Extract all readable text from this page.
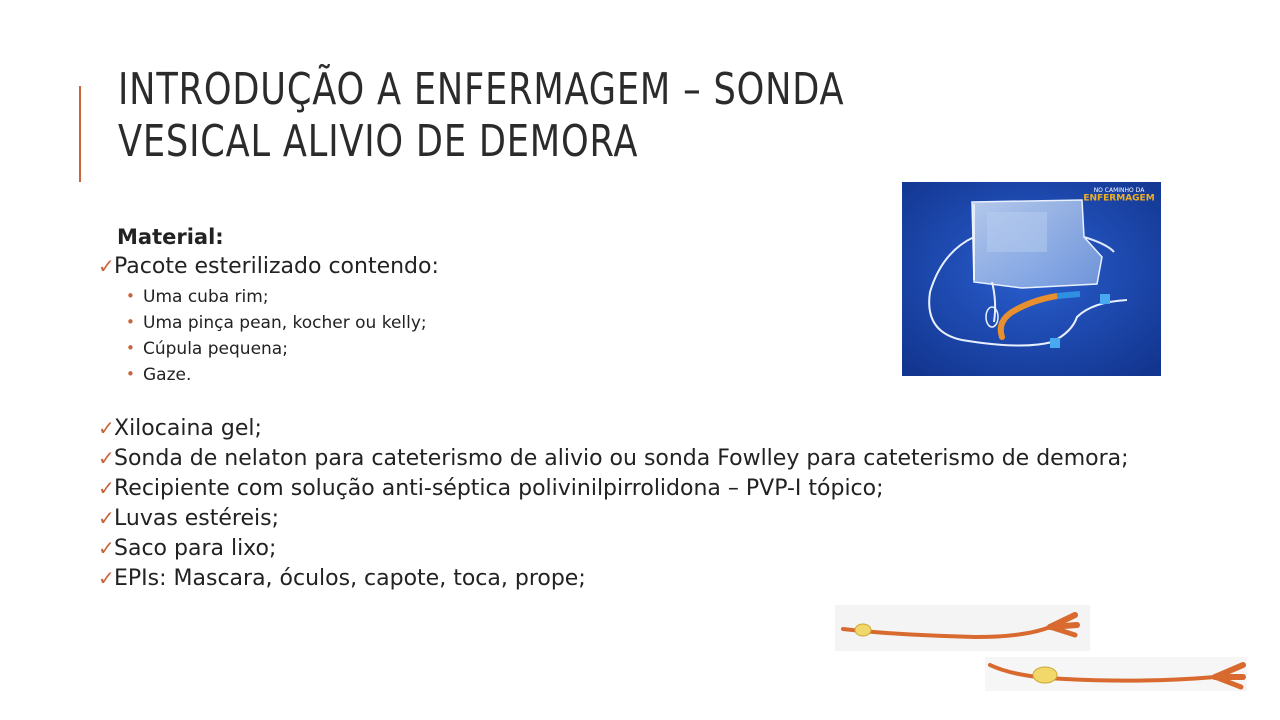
INTRODUÇÃO A ENFERMAGEM – SONDA VESICAL ALIVIO DE DEMORA

Material:

✓ Pacote esterilizado contendo:
• Uma cuba rim;
• Uma pinça pean, kocher ou kelly;
• Cúpula pequena;
• Gaze.

✓ Xilocaina gel;

✓ Sonda de nelaton para cateterismo de alivio ou sonda Fowlley para cateterismo de demora;

✓ Recipiente com solução anti-séptica polivinilpirrolidona – PVP-I tópico;

✓ Luvas estéreis;

✓ Saco para lixo;

✓ EPIs: Mascara, óculos, capote, toca, prope;

NO CAMINHO DA
ENFERMAGEM
